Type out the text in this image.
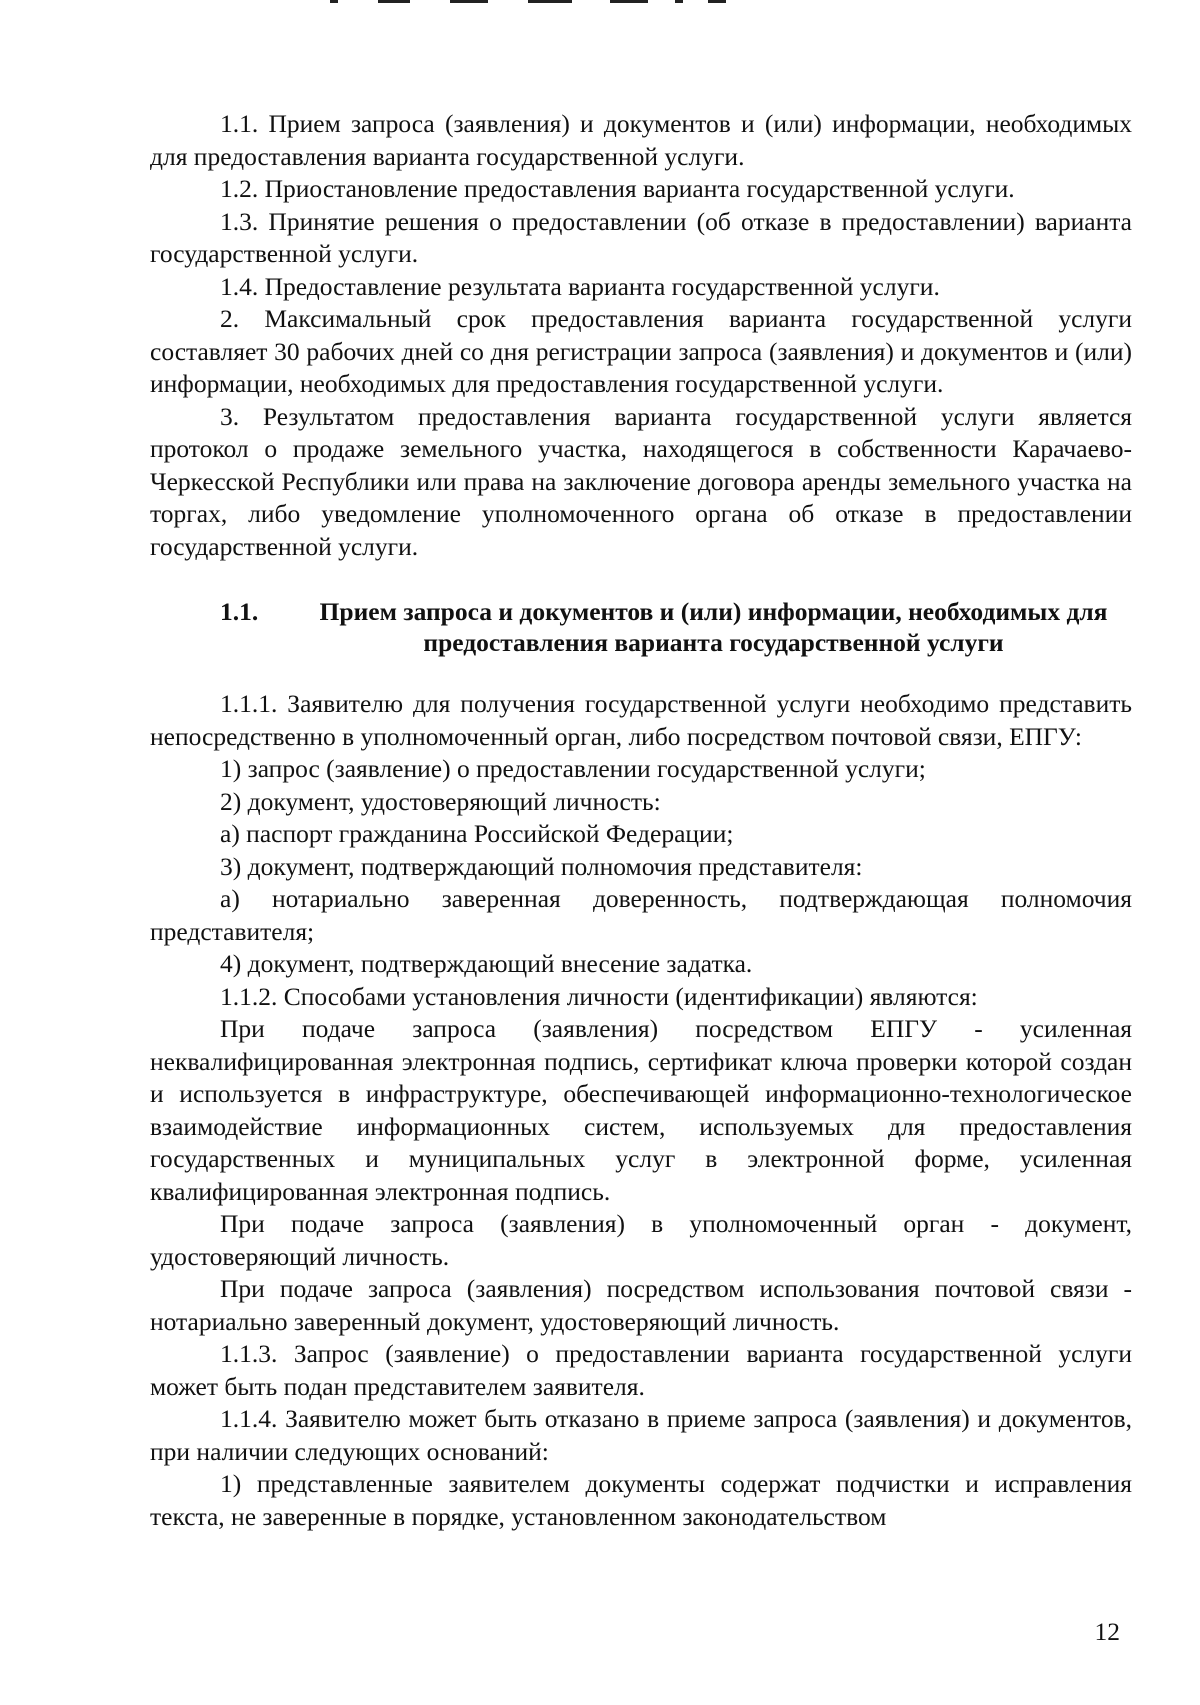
1.1. Прием запроса (заявления) и документов и (или) информации, необходимых для предоставления варианта государственной услуги.

1.2. Приостановление предоставления варианта государственной услуги.

1.3. Принятие решения о предоставлении (об отказе в предоставлении) варианта государственной услуги.

1.4. Предоставление результата варианта государственной услуги.

2. Максимальный срок предоставления варианта государственной услуги составляет 30 рабочих дней со дня регистрации запроса (заявления) и документов и (или) информации, необходимых для предоставления государственной услуги.

3. Результатом предоставления варианта государственной услуги является протокол о продаже земельного участка, находящегося в собственности Карачаево-Черкесской Республики или права на заключение договора аренды земельного участка на торгах, либо уведомление уполномоченного органа об отказе в предоставлении государственной услуги.

1.1.	Прием запроса и документов и (или) информации, необходимых для предоставления варианта государственной услуги

1.1.1. Заявителю для получения государственной услуги необходимо представить непосредственно в уполномоченный орган, либо посредством почтовой связи, ЕПГУ:

1) запрос (заявление) о предоставлении государственной услуги;

2) документ, удостоверяющий личность:

а) паспорт гражданина Российской Федерации;

3) документ, подтверждающий полномочия представителя:

а) нотариально заверенная доверенность, подтверждающая полномочия представителя;

4) документ, подтверждающий внесение задатка.

1.1.2. Способами установления личности (идентификации) являются:

При подаче запроса (заявления) посредством ЕПГУ - усиленная неквалифицированная электронная подпись, сертификат ключа проверки которой создан и используется в инфраструктуре, обеспечивающей информационно-технологическое взаимодействие информационных систем, используемых для предоставления государственных и муниципальных услуг в электронной форме, усиленная квалифицированная электронная подпись.

При подаче запроса (заявления) в уполномоченный орган - документ, удостоверяющий личность.

При подаче запроса (заявления) посредством использования почтовой связи - нотариально заверенный документ, удостоверяющий личность.

1.1.3. Запрос (заявление) о предоставлении варианта государственной услуги может быть подан представителем заявителя.

1.1.4. Заявителю может быть отказано в приеме запроса (заявления) и документов, при наличии следующих оснований:

1) представленные заявителем документы содержат подчистки и исправления текста, не заверенные в порядке, установленном законодательством

12
